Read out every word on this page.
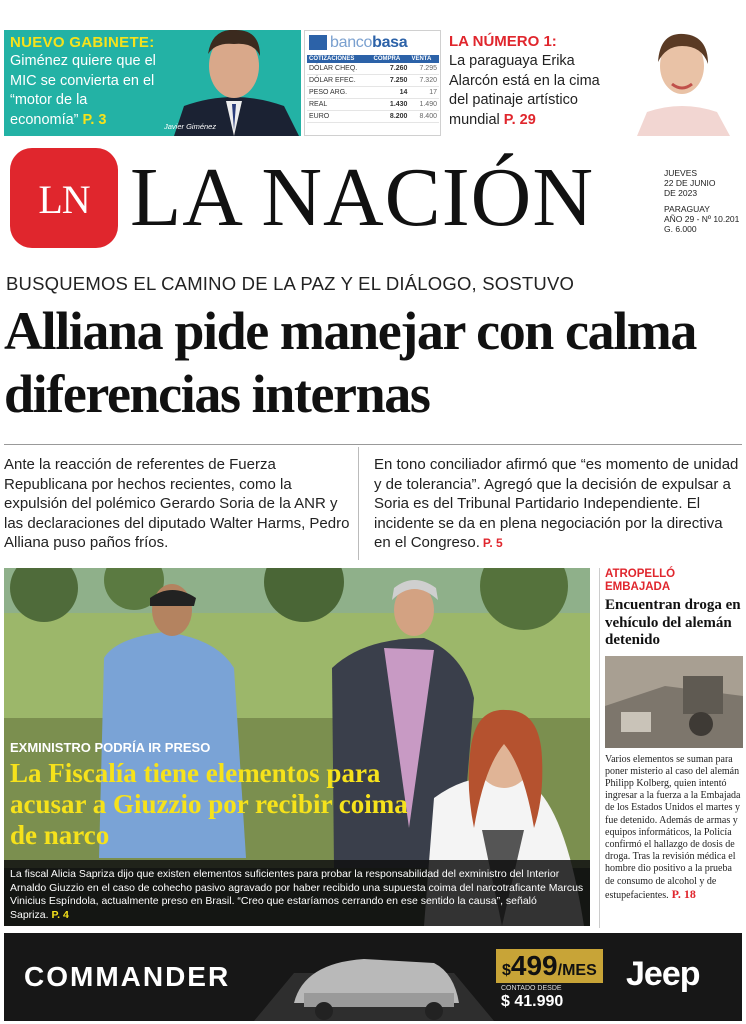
NUEVO GABINETE:
Giménez quiere que el MIC se convierta en el “motor de la economía” P. 3	Javier Giménez
bancobasa
COTIZACIONES	COMPRA	VENTA
DÓLAR CHEQ.	7.260	7.295
DÓLAR EFEC.	7.250	7.320
PESO ARG.	14	17
REAL	1.430	1.490
EURO	8.200	8.400
LA NÚMERO 1:
La paraguaya Erika Alarcón está en la cima del patinaje artístico mundial P. 29
LN LA NACIÓN	JUEVES
22 DE JUNIO
DE 2023
PARAGUAY
AÑO 29 - Nº 10.201
G. 6.000
BUSQUEMOS EL CAMINO DE LA PAZ Y EL DIÁLOGO, SOSTUVO
Alliana pide manejar con calma diferencias internas
Ante la reacción de referentes de Fuerza Republicana por hechos recientes, como la expulsión del polémico Gerardo Soria de la ANR y las declaraciones del diputado Walter Harms, Pedro Alliana puso paños fríos.
En tono conciliador afirmó que “es momento de unidad y de tolerancia”. Agregó que la decisión de expulsar a Soria es del Tribunal Partidario Independiente. El incidente se da en plena negociación por la directiva en el Congreso. P. 5
EXMINISTRO PODRÍA IR PRESO
La Fiscalía tiene elementos para acusar a Giuzzio por recibir coima de narco
La fiscal Alicia Sapriza dijo que existen elementos suficientes para probar la responsabilidad del exministro del Interior Arnaldo Giuzzio en el caso de cohecho pasivo agravado por haber recibido una supuesta coima del narcotraficante Marcus Vinicius Espíndola, actualmente preso en Brasil. “Creo que estaríamos cerrando en ese sentido la causa”, señaló Sapriza. P. 4
ATROPELLÓ EMBAJADA
Encuentran droga en vehículo del alemán detenido
Varios elementos se suman para poner misterio al caso del alemán Philipp Kolberg, quien intentó ingresar a la fuerza a la Embajada de los Estados Unidos el martes y fue detenido. Además de armas y equipos informáticos, la Policía confirmó el hallazgo de dosis de droga. Tras la revisión médica el hombre dio positivo a la prueba de consumo de alcohol y de estupefacientes. P. 18
COMMANDER	$499/MES
CONTADO DESDE
$ 41.990
Jeep
